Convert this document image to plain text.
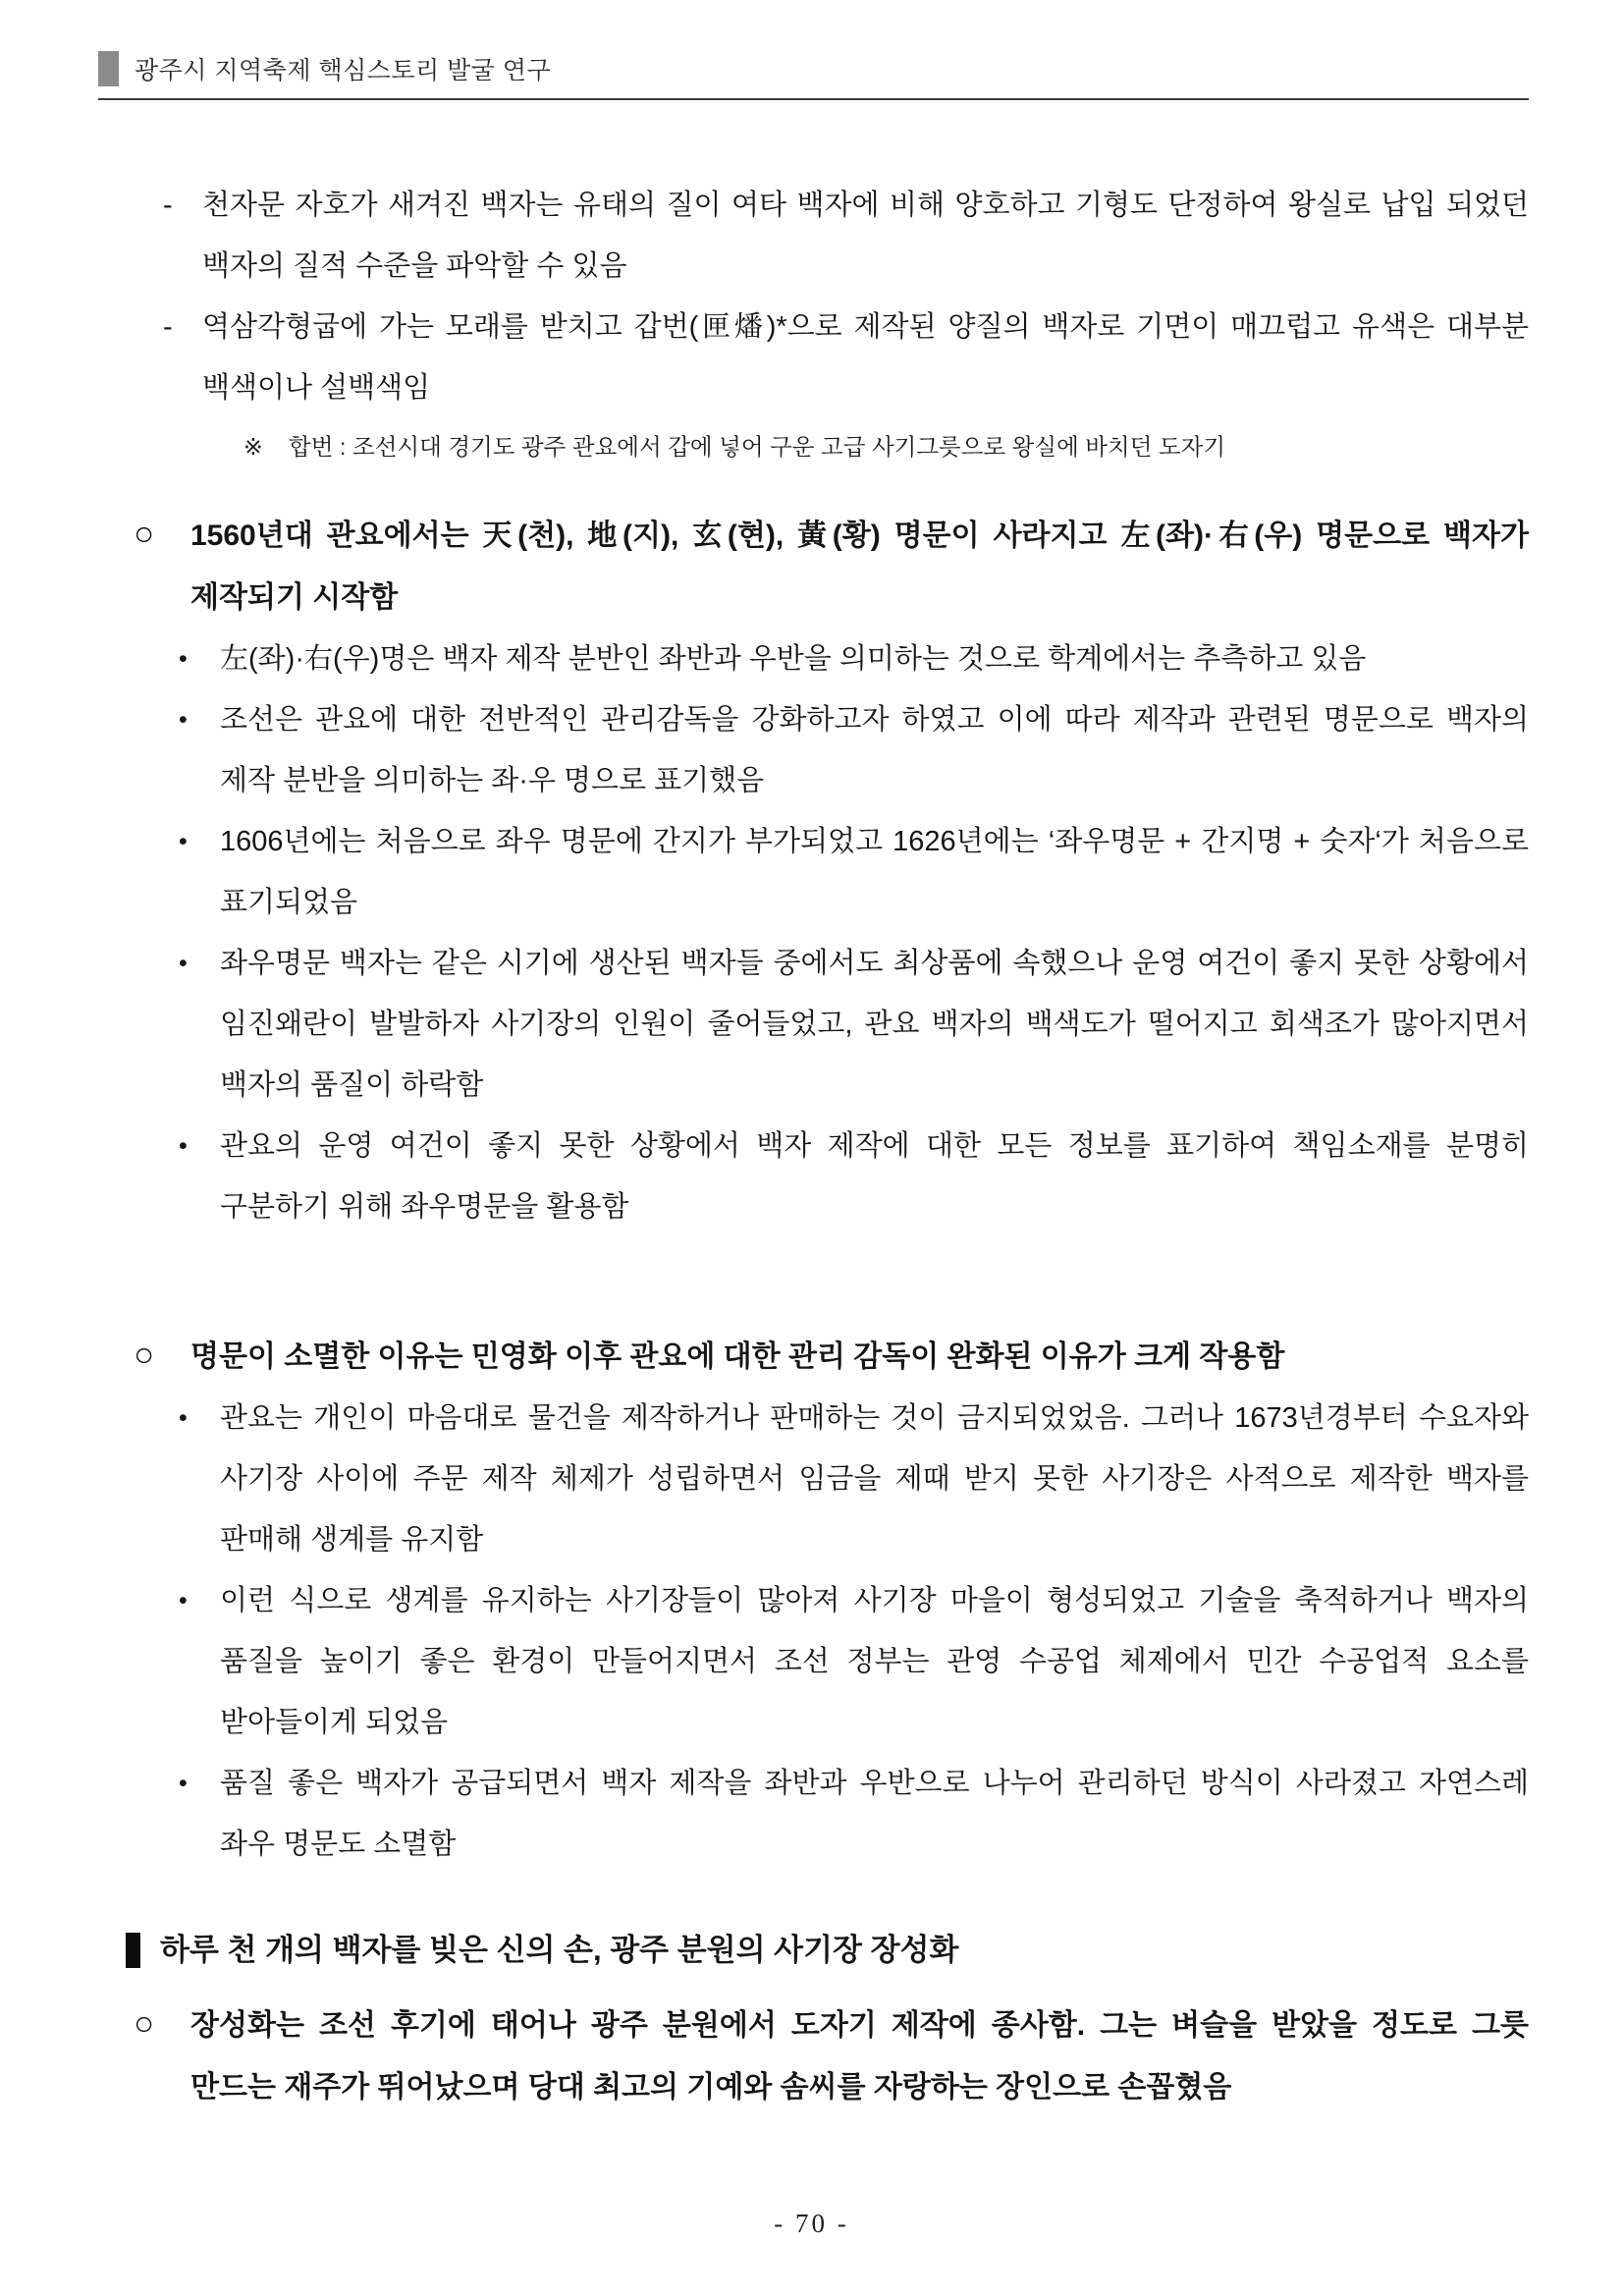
광주시 지역축제 핵심스토리 발굴 연구
-	천자문 자호가 새겨진 백자는 유태의 질이 여타 백자에 비해 양호하고 기형도 단정하여 왕실로 납입 되었던 백자의 질적 수준을 파악할 수 있음

-	역삼각형굽에 가는 모래를 받치고 갑번(匣燔)*으로 제작된 양질의 백자로 기면이 매끄럽고 유색은 대부분 백색이나 설백색임

※	합번 : 조선시대 경기도 광주 관요에서 갑에 넣어 구운 고급 사기그릇으로 왕실에 바치던 도자기

○	1560년대 관요에서는 天(천), 地(지), 玄(현), 黃(황) 명문이 사라지고 左(좌)·右(우) 명문으로 백자가 제작되기 시작함
•	左(좌)·右(우)명은 백자 제작 분반인 좌반과 우반을 의미하는 것으로 학계에서는 추측하고 있음

•	조선은 관요에 대한 전반적인 관리감독을 강화하고자 하였고 이에 따라 제작과 관련된 명문으로 백자의 제작 분반을 의미하는 좌·우 명으로 표기했음

•	1606년에는 처음으로 좌우 명문에 간지가 부가되었고 1626년에는 ‘좌우명문 + 간지명 + 숫자‘가 처음으로 표기되었음

•	좌우명문 백자는 같은 시기에 생산된 백자들 중에서도 최상품에 속했으나 운영 여건이 좋지 못한 상황에서 임진왜란이 발발하자 사기장의 인원이 줄어들었고, 관요 백자의 백색도가 떨어지고 회색조가 많아지면서 백자의 품질이 하락함

•	관요의 운영 여건이 좋지 못한 상황에서 백자 제작에 대한 모든 정보를 표기하여 책임소재를 분명히 구분하기 위해 좌우명문을 활용함

○	명문이 소멸한 이유는 민영화 이후 관요에 대한 관리 감독이 완화된 이유가 크게 작용함
•	관요는 개인이 마음대로 물건을 제작하거나 판매하는 것이 금지되었었음. 그러나 1673년경부터 수요자와 사기장 사이에 주문 제작 체제가 성립하면서 임금을 제때 받지 못한 사기장은 사적으로 제작한 백자를 판매해 생계를 유지함

•	이런 식으로 생계를 유지하는 사기장들이 많아져 사기장 마을이 형성되었고 기술을 축적하거나 백자의 품질을 높이기 좋은 환경이 만들어지면서 조선 정부는 관영 수공업 체제에서 민간 수공업적 요소를 받아들이게 되었음

•	품질 좋은 백자가 공급되면서 백자 제작을 좌반과 우반으로 나누어 관리하던 방식이 사라졌고 자연스레 좌우 명문도 소멸함

하루 천 개의 백자를 빚은 신의 손, 광주 분원의 사기장 장성화
○	장성화는 조선 후기에 태어나 광주 분원에서 도자기 제작에 종사함. 그는 벼슬을 받았을 정도로 그릇 만드는 재주가 뛰어났으며 당대 최고의 기예와 솜씨를 자랑하는 장인으로 손꼽혔음
- 70 -
